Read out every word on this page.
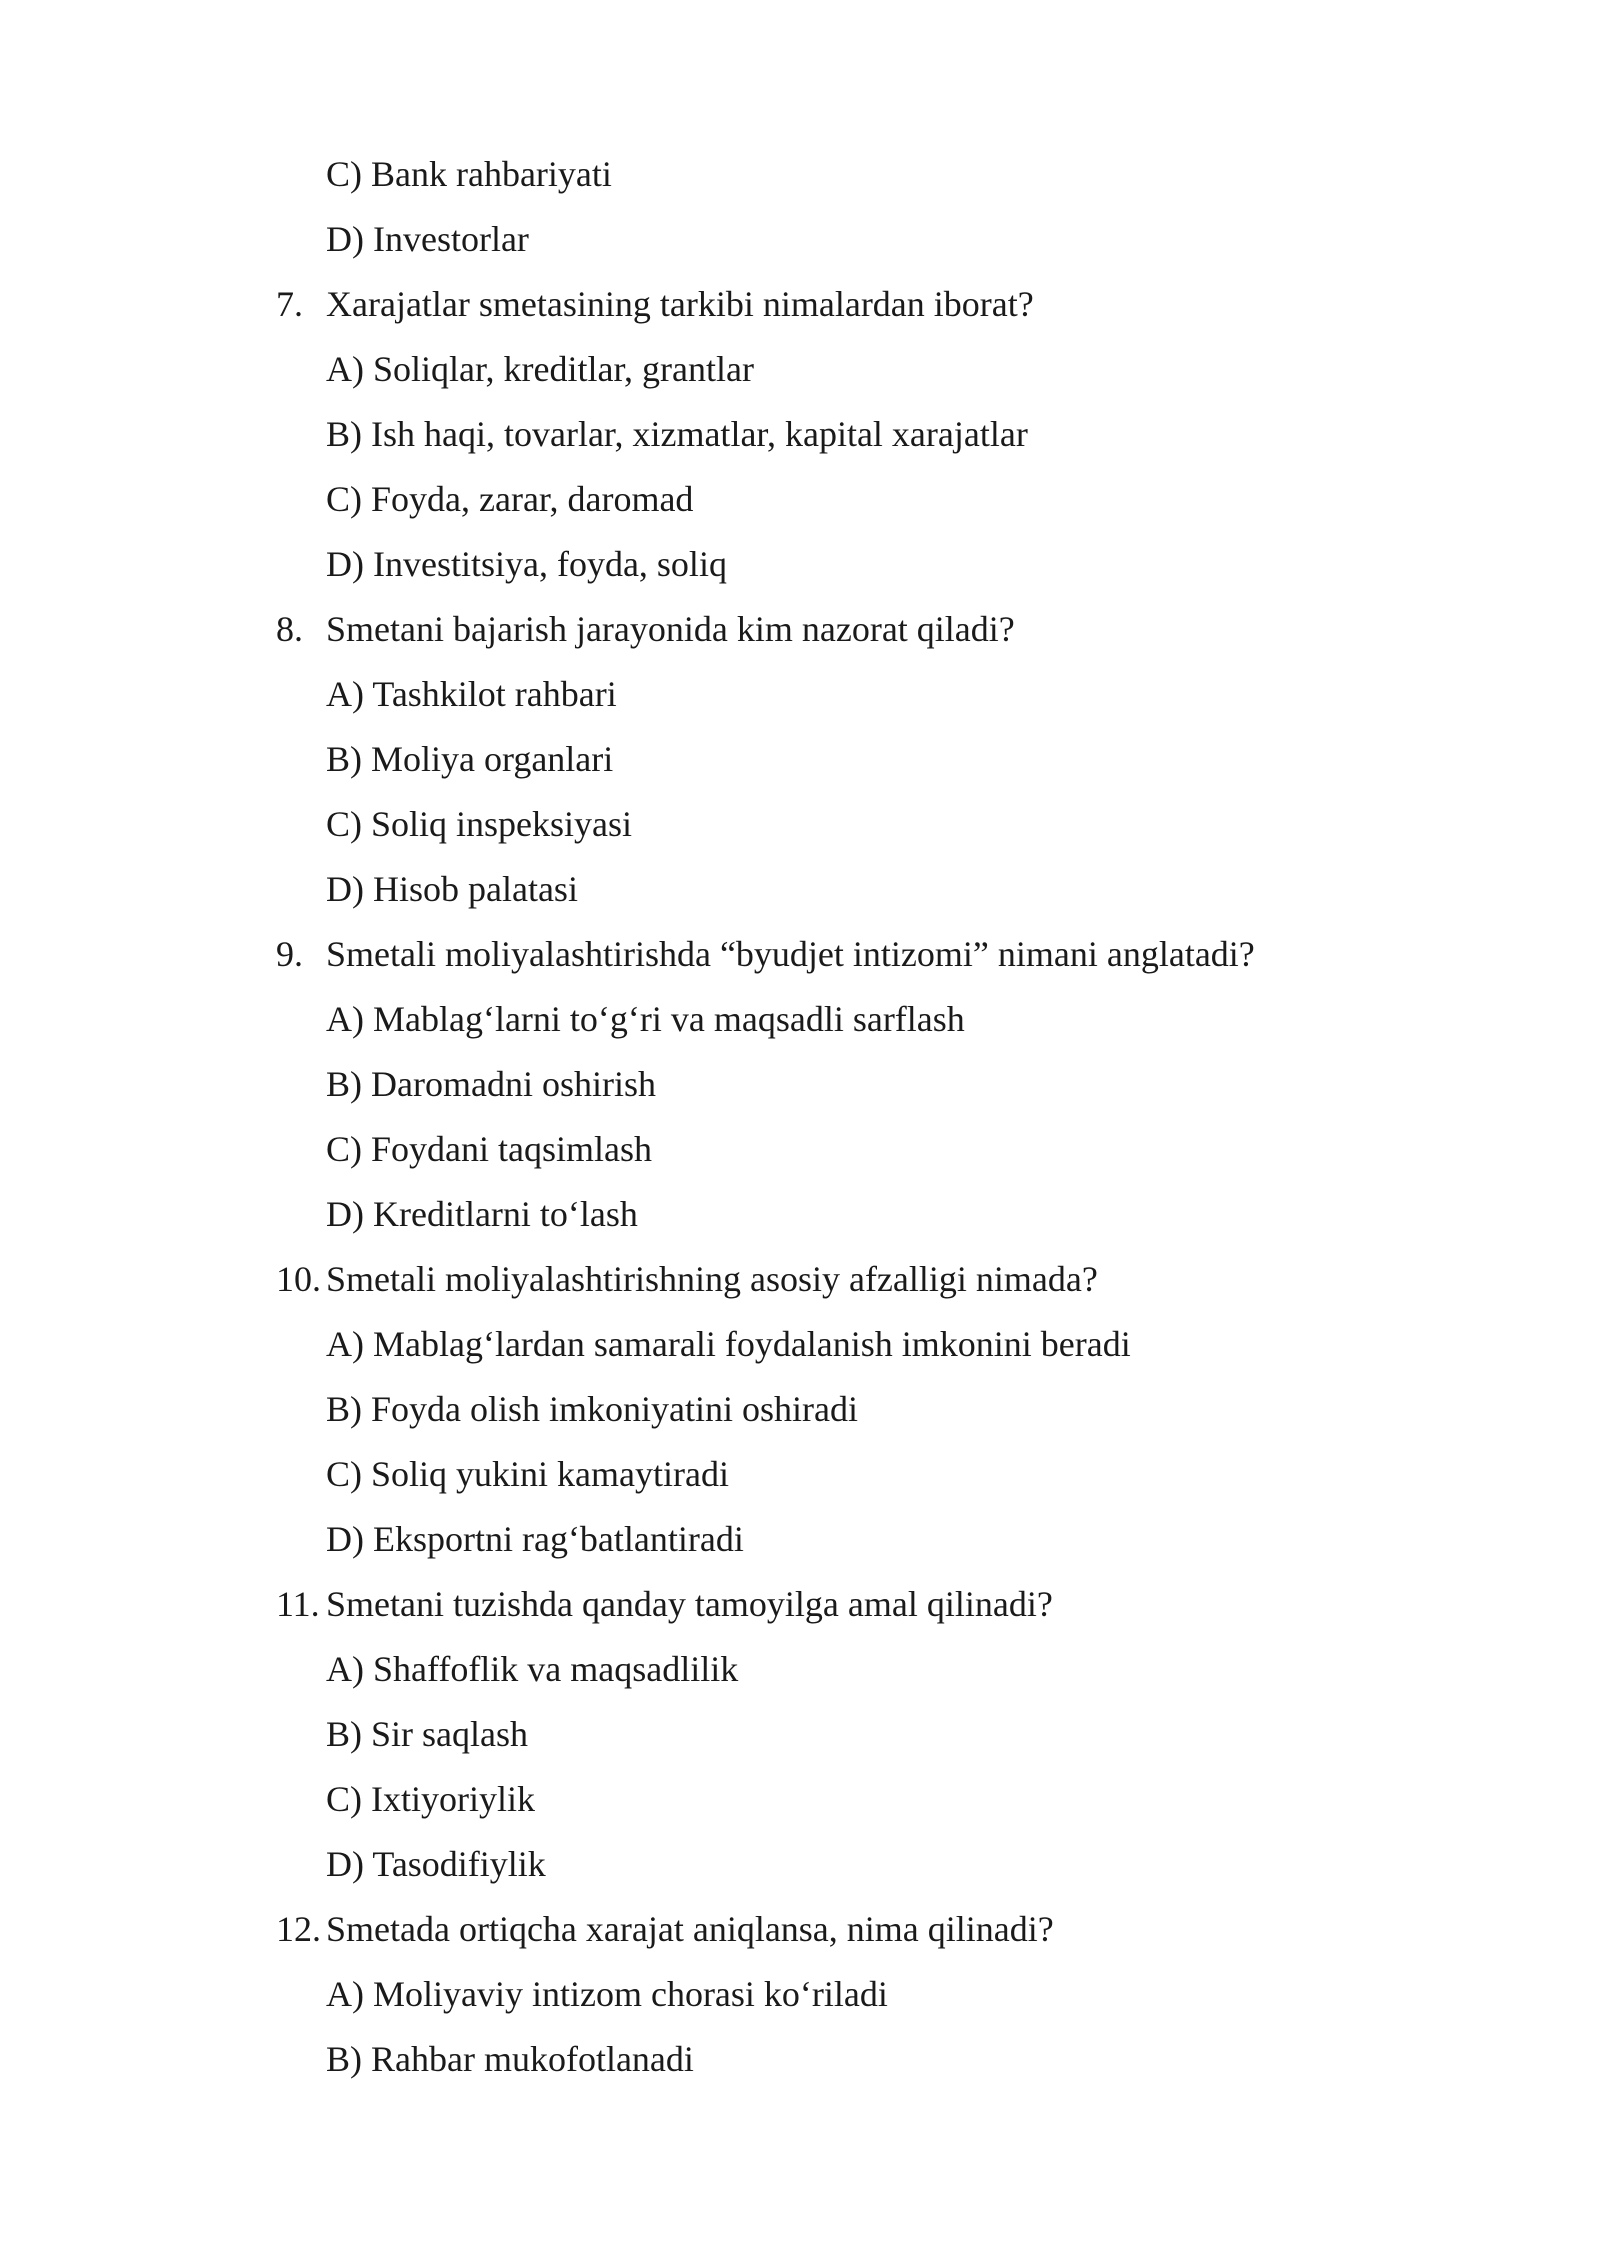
C) Bank rahbariyati
D) Investorlar
7. Xarajatlar smetasining tarkibi nimalardan iborat?
A) Soliqlar, kreditlar, grantlar
B) Ish haqi, tovarlar, xizmatlar, kapital xarajatlar
C) Foyda, zarar, daromad
D) Investitsiya, foyda, soliq
8. Smetani bajarish jarayonida kim nazorat qiladi?
A) Tashkilot rahbari
B) Moliya organlari
C) Soliq inspeksiyasi
D) Hisob palatasi
9. Smetali moliyalashtirishda “byudjet intizomi” nimani anglatadi?
A) Mablag‘larni to‘g‘ri va maqsadli sarflash
B) Daromadni oshirish
C) Foydani taqsimlash
D) Kreditlarni to‘lash
10. Smetali moliyalashtirishning asosiy afzalligi nimada?
A) Mablag‘lardan samarali foydalanish imkonini beradi
B) Foyda olish imkoniyatini oshiradi
C) Soliq yukini kamaytiradi
D) Eksportni rag‘batlantiradi
11. Smetani tuzishda qanday tamoyilga amal qilinadi?
A) Shaffoflik va maqsadlilik
B) Sir saqlash
C) Ixtiyoriylik
D) Tasodifiylik
12. Smetada ortiqcha xarajat aniqlansa, nima qilinadi?
A) Moliyaviy intizom chorasi ko‘riladi
B) Rahbar mukofotlanadi
